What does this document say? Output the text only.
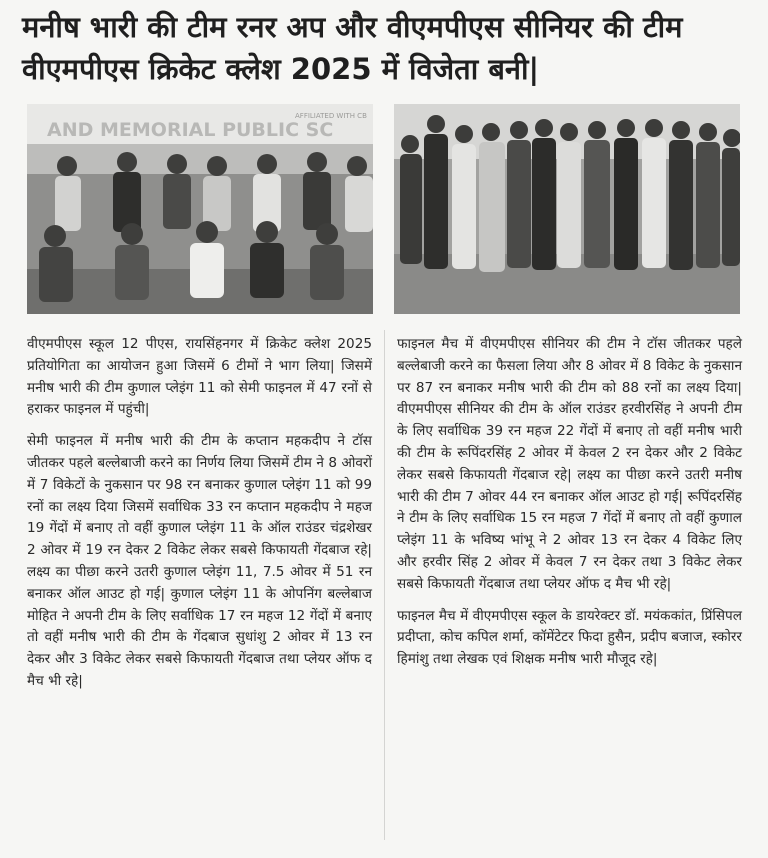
मनीष भारी की टीम रनर अप और वीएमपीएस सीनियर की टीम वीएमपीएस क्रिकेट क्लेश 2025 में विजेता बनी|
AND MEMORIAL PUBLIC SC
AFFILIATED WITH CB

वीएमपीएस स्कूल 12 पीएस, रायसिंहनगर में क्रिकेट क्लेश 2025 प्रतियोगिता का आयोजन हुआ जिसमें 6 टीमों ने भाग लिया| जिसमें मनीष भारी की टीम कुणाल प्लेइंग 11 को सेमी फाइनल में 47 रनों से हराकर फाइनल में पहुंची|

सेमी फाइनल में मनीष भारी की टीम के कप्तान महकदीप ने टॉस जीतकर पहले बल्लेबाजी करने का निर्णय लिया जिसमें टीम ने 8 ओवरों में 7 विकेटों के नुकसान पर 98 रन बनाकर कुणाल प्लेइंग 11 को 99 रनों का लक्ष्य दिया जिसमें सर्वाधिक 33 रन कप्तान महकदीप ने महज 19 गेंदों में बनाए तो वहीं कुणाल प्लेइंग 11 के ऑल राउंडर चंद्रशेखर 2 ओवर में 19 रन देकर 2 विकेट लेकर सबसे किफायती गेंदबाज रहे| लक्ष्य का पीछा करने उतरी कुणाल प्लेइंग 11, 7.5 ओवर में 51 रन बनाकर ऑल आउट हो गई| कुणाल प्लेइंग 11 के ओपनिंग बल्लेबाज मोहित ने अपनी टीम के लिए सर्वाधिक 17 रन महज 12 गेंदों में बनाए तो वहीं मनीष भारी की टीम के गेंदबाज सुधांशु 2 ओवर में 13 रन देकर और 3 विकेट लेकर सबसे किफायती गेंदबाज तथा प्लेयर ऑफ द मैच भी रहे|

फाइनल मैच में वीएमपीएस सीनियर की टीम ने टॉस जीतकर पहले बल्लेबाजी करने का फैसला लिया और 8 ओवर में 8 विकेट के नुकसान पर 87 रन बनाकर मनीष भारी की टीम को 88 रनों का लक्ष्य दिया| वीएमपीएस सीनियर की टीम के ऑल राउंडर हरवीरसिंह ने अपनी टीम के लिए सर्वाधिक 39 रन महज 22 गेंदों में बनाए तो वहीं मनीष भारी की टीम के रूपिंदरसिंह 2 ओवर में केवल 2 रन देकर और 2 विकेट लेकर सबसे किफायती गेंदबाज रहे| लक्ष्य का पीछा करने उतरी मनीष भारी की टीम 7 ओवर 44 रन बनाकर ऑल आउट हो गई| रूपिंदरसिंह ने टीम के लिए सर्वाधिक 15 रन महज 7 गेंदों में बनाए तो वहीं कुणाल प्लेइंग 11 के भविष्य भांभू ने 2 ओवर 13 रन देकर 4 विकेट लिए और हरवीर सिंह 2 ओवर में केवल 7 रन देकर तथा 3 विकेट लेकर सबसे किफायती गेंदबाज तथा प्लेयर ऑफ द मैच भी रहे|

फाइनल मैच में वीएमपीएस स्कूल के डायरेक्टर डॉ. मयंककांत, प्रिंसिपल प्रदीप्ता, कोच कपिल शर्मा, कॉमेंटेटर फिदा हुसैन, प्रदीप बजाज, स्कोरर हिमांशु तथा लेखक एवं शिक्षक मनीष भारी मौजूद रहे|
